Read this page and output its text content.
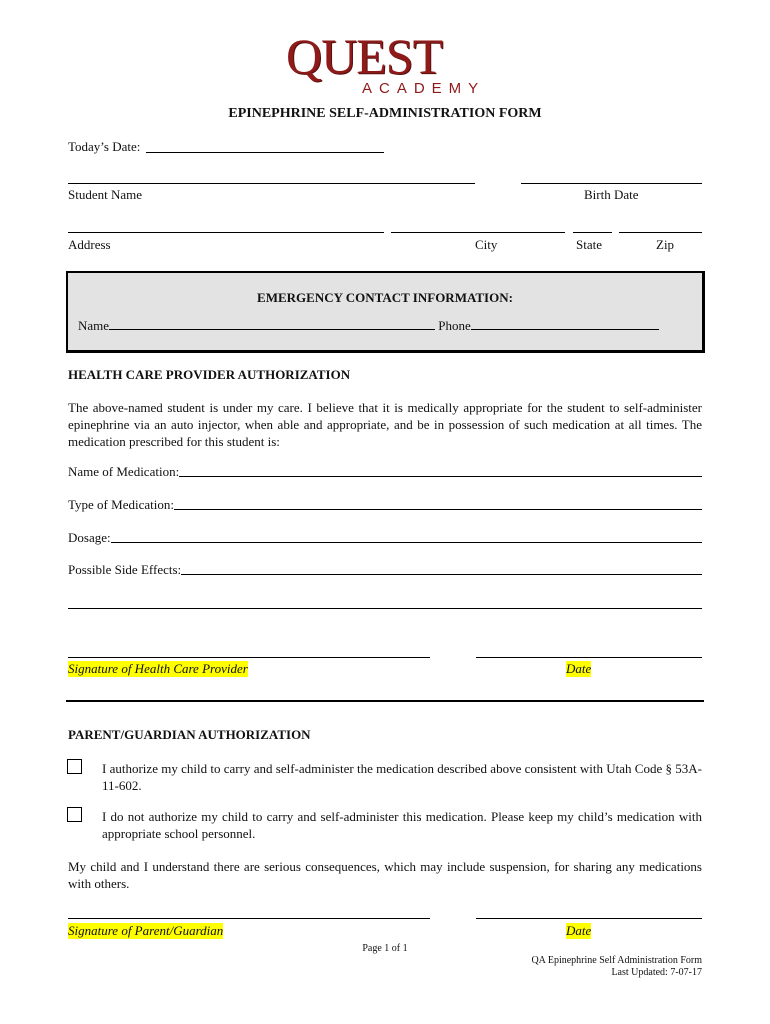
QUEST
ACADEMY
EPINEPHRINE SELF-ADMINISTRATION FORM
Today’s Date:
Student Name	Birth Date
Address	City	State	Zip
EMERGENCY CONTACT INFORMATION:
Name	Phone
HEALTH CARE PROVIDER AUTHORIZATION
The above-named student is under my care. I believe that it is medically appropriate for the student to self-administer epinephrine via an auto injector, when able and appropriate, and be in possession of such medication at all times. The medication prescribed for this student is:
Name of Medication:
Type of Medication:
Dosage:
Possible Side Effects:
Signature of Health Care Provider	Date
PARENT/GUARDIAN AUTHORIZATION
I authorize my child to carry and self-administer the medication described above consistent with Utah Code § 53A-11-602.
I do not authorize my child to carry and self-administer this medication. Please keep my child’s medication with appropriate school personnel.
My child and I understand there are serious consequences, which may include suspension, for sharing any medications with others.
Signature of Parent/Guardian	Date
Page 1 of 1
QA Epinephrine Self Administration Form
Last Updated: 7-07-17
